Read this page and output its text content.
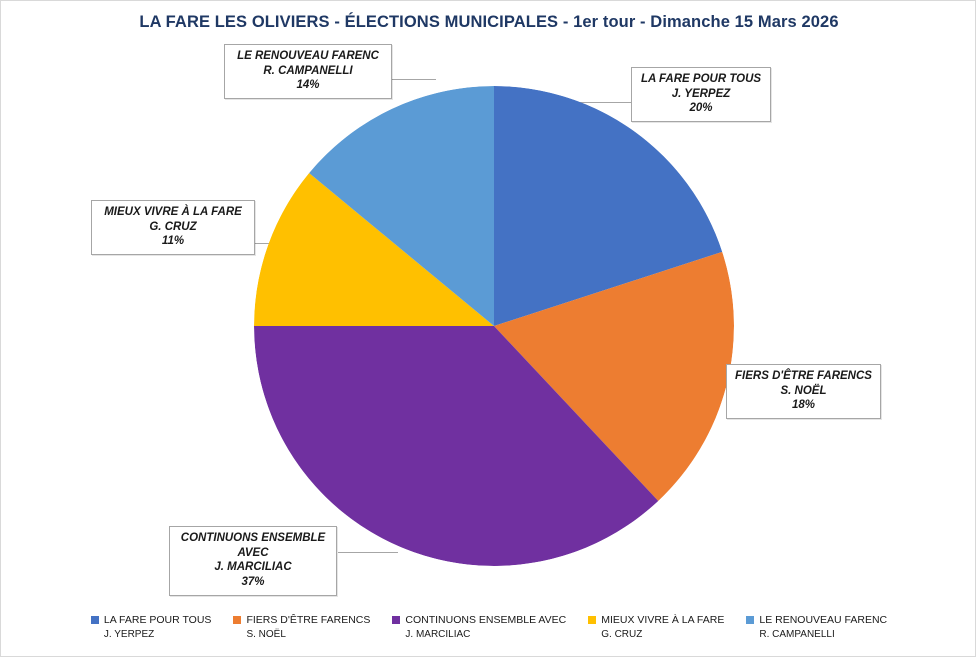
LA FARE LES OLIVIERS - ÉLECTIONS MUNICIPALES - 1er tour - Dimanche 15 Mars 2026
LA FARE POUR TOUS
J. YERPEZ
20%
FIERS D'ÊTRE FARENCS
S. NOËL
18%
CONTINUONS ENSEMBLE
AVEC
J. MARCILIAC
37%
MIEUX VIVRE À LA FARE
G. CRUZ
11%
LE RENOUVEAU FARENC
R. CAMPANELLI
14%
LA FARE POUR TOUS
J. YERPEZ
FIERS D'ÊTRE FARENCS
S. NOËL
CONTINUONS ENSEMBLE AVEC
J. MARCILIAC
MIEUX VIVRE À LA FARE
G. CRUZ
LE RENOUVEAU FARENC
R. CAMPANELLI
